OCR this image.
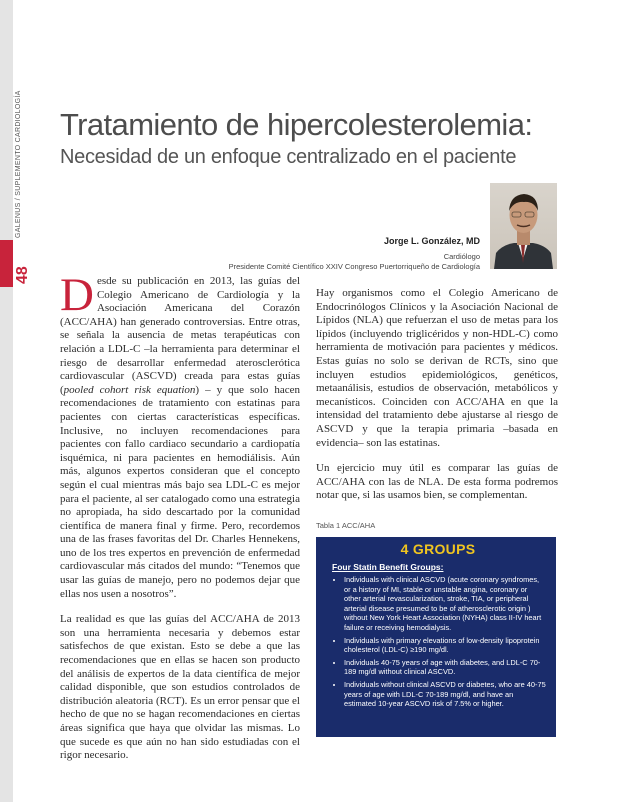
48
GALENUS / SUPLEMENTO CARDIOLOGÍA Tratamiento de hipercolesterolemia:
Necesidad de un enfoque centralizado en el paciente
Jorge L. González, MD
Cardiólogo
Presidente Comité Científico XXIV Congreso Puertorriqueño de Cardiología

Desde su publicación en 2013, las guías del Colegio Americano de Cardiología y la Asociación Americana del Corazón (ACC/AHA) han generado controversias. Entre otras, se señala la ausencia de metas terapéuticas con relación a LDL-C –la herramienta para determinar el riesgo de desarrollar enfermedad aterosclerótica cardiovascular (ASCVD) creada para estas guías (pooled cohort risk equation) – y que solo hacen recomendaciones de tratamiento con estatinas para pacientes con ciertas características específicas. Inclusive, no incluyen recomendaciones para pacientes con fallo cardiaco secundario a cardiopatía isquémica, ni para pacientes en hemodiálisis. Aún más, algunos expertos consideran que el concepto según el cual mientras más bajo sea LDL-C es mejor para el paciente, al ser catalogado como una estrategia no apropiada, ha sido descartado por la comunidad científica de manera final y firme. Pero, recordemos una de las frases favoritas del Dr. Charles Hennekens, uno de los tres expertos en prevención de enfermedad cardiovascular más citados del mundo: “Tenemos que usar las guías de manejo, pero no podemos dejar que ellas nos usen a nosotros”.

La realidad es que las guías del ACC/AHA de 2013 son una herramienta necesaria y debemos estar satisfechos de que existan. Esto se debe a que las recomendaciones que en ellas se hacen son producto del análisis de expertos de la data científica de mejor calidad disponible, que son estudios controlados de distribución aleatoria (RCT). Es un error pensar que el hecho de que no se hagan recomendaciones en ciertas áreas significa que haya que olvidar las mismas. Lo que sucede es que aún no han sido estudiadas con el rigor necesario.

Hay organismos como el Colegio Americano de Endocrinólogos Clínicos y la Asociación Nacional de Lípidos (NLA) que refuerzan el uso de metas para los lípidos (incluyendo triglicéridos y non-HDL-C) como herramienta de motivación para pacientes y médicos. Estas guías no solo se derivan de RCTs, sino que incluyen estudios epidemiológicos, genéticos, metaanálisis, estudios de observación, metabólicos y mecanísticos. Coinciden con ACC/AHA en que la intensidad del tratamiento debe ajustarse al riesgo de ASCVD y que la terapia primaria –basada en evidencia– son las estatinas.

Un ejercicio muy útil es comparar las guías de ACC/AHA con las de NLA. De esta forma podremos notar que, si las usamos bien, se complementan.

Tabla 1 ACC/AHA
4 GROUPS
Four Statin Benefit Groups:
• Individuals with clinical ASCVD (acute coronary syndromes, or a history of MI, stable or unstable angina, coronary or other arterial revascularization, stroke, TIA, or peripheral arterial disease presumed to be of atherosclerotic origin ) without New York Heart Association (NYHA) class II-IV heart failure or receiving hemodialysis.
• Individuals with primary elevations of low-density lipoprotein cholesterol (LDL-C) ≥190 mg/dl.
• Individuals 40-75 years of age with diabetes, and LDL-C 70-189 mg/dl without clinical ASCVD.
• Individuals without clinical ASCVD or diabetes, who are 40-75 years of age with LDL-C 70-189 mg/dl, and have an estimated 10-year ASCVD risk of 7.5% or higher.
